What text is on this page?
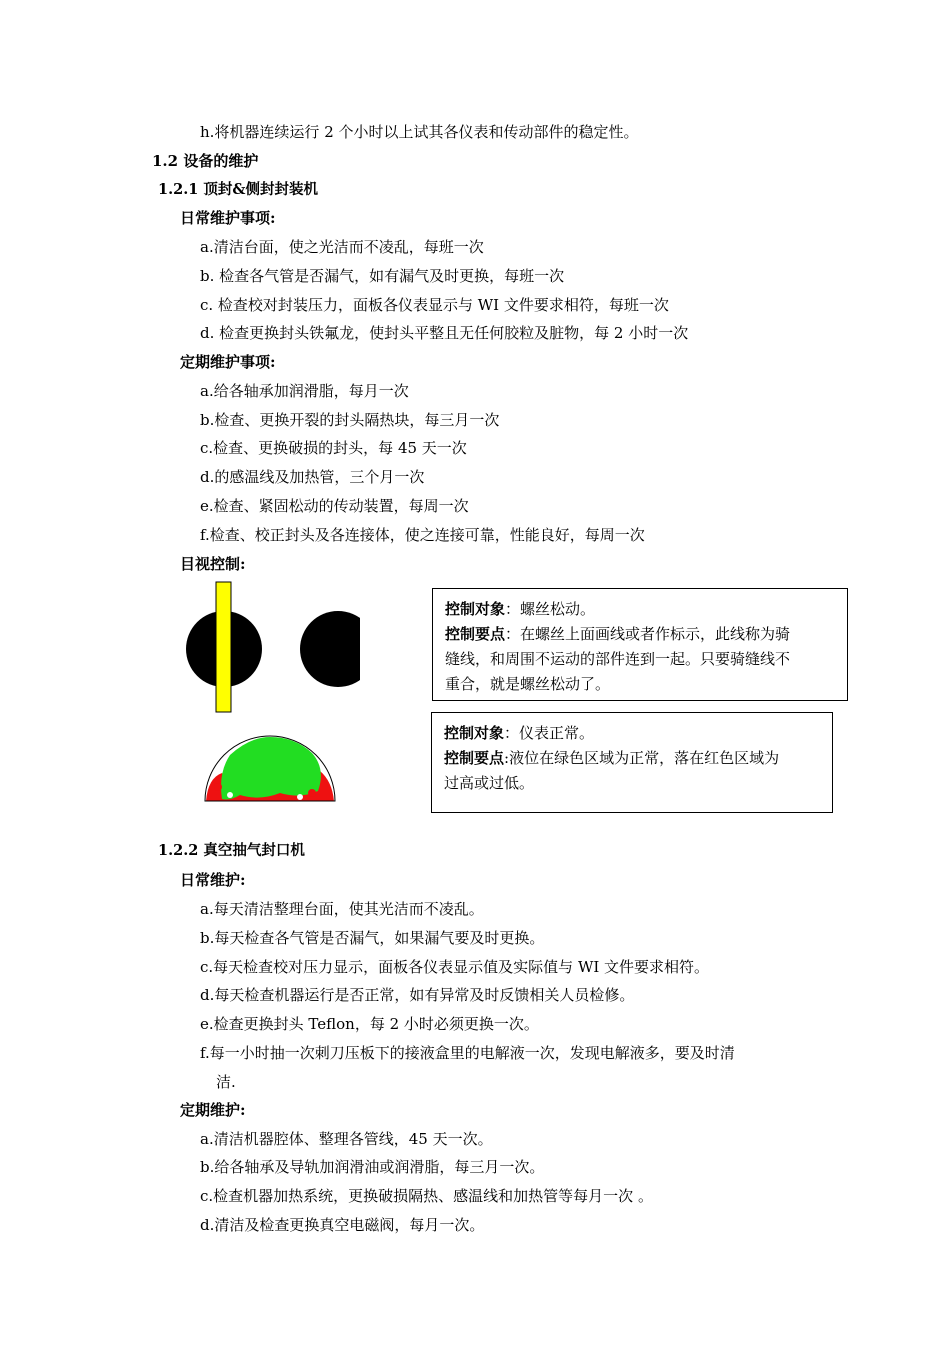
h.将机器连续运行 2 个小时以上试其各仪表和传动部件的稳定性。
1.2 设备的维护
1.2.1 顶封&侧封封装机
日常维护事项:
a.清洁台面，使之光洁而不凌乱，每班一次
b. 检查各气管是否漏气，如有漏气及时更换，每班一次
c. 检查校对封装压力，面板各仪表显示与 WI 文件要求相符，每班一次
d. 检查更换封头铁氟龙，使封头平整且无任何胶粒及脏物，每 2 小时一次
定期维护事项:
a.给各轴承加润滑脂，每月一次
b.检查、更换开裂的封头隔热块，每三月一次
c.检查、更换破损的封头，每 45 天一次
d.的感温线及加热管，三个月一次
e.检查、紧固松动的传动装置，每周一次
f.检查、校正封头及各连接体，使之连接可靠，性能良好，每周一次
目视控制:
控制对象：螺丝松动。
控制要点：在螺丝上面画线或者作标示，此线称为骑
缝线，和周围不运动的部件连到一起。只要骑缝线不
重合，就是螺丝松动了。
控制对象：仪表正常。
控制要点:液位在绿色区域为正常，落在红色区域为
过高或过低。
1.2.2 真空抽气封口机
日常维护:
a.每天清洁整理台面，使其光洁而不凌乱。
b.每天检查各气管是否漏气，如果漏气要及时更换。
c.每天检查校对压力显示，面板各仪表显示值及实际值与 WI 文件要求相符。
d.每天检查机器运行是否正常，如有异常及时反馈相关人员检修。
e.检查更换封头 Teflon，每 2 小时必须更换一次。
f.每一小时抽一次刺刀压板下的接液盒里的电解液一次，发现电解液多，要及时清
洁.
定期维护:
a.清洁机器腔体、整理各管线，45 天一次。
b.给各轴承及导轨加润滑油或润滑脂，每三月一次。
c.检查机器加热系统，更换破损隔热、感温线和加热管等每月一次 。
d.清洁及检查更换真空电磁阀，每月一次。
